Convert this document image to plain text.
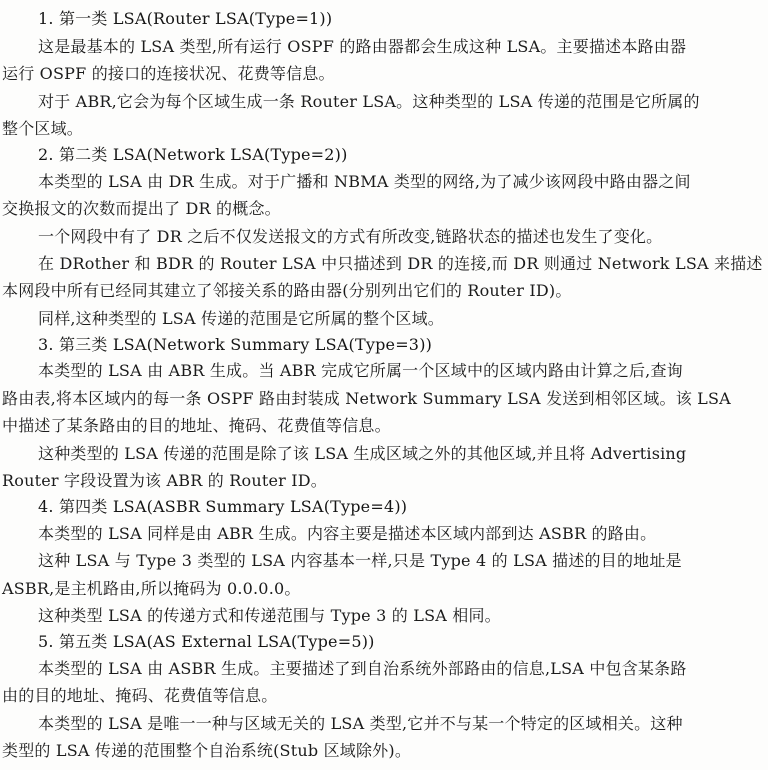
1. 第一类 LSA(Router LSA(Type=1))
这是最基本的 LSA 类型,所有运行 OSPF 的路由器都会生成这种 LSA。主要描述本路由器
运行 OSPF 的接口的连接状况、花费等信息。
对于 ABR,它会为每个区域生成一条 Router LSA。这种类型的 LSA 传递的范围是它所属的
整个区域。
2. 第二类 LSA(Network LSA(Type=2))
本类型的 LSA 由 DR 生成。对于广播和 NBMA 类型的网络,为了减少该网段中路由器之间
交换报文的次数而提出了 DR 的概念。
一个网段中有了 DR 之后不仅发送报文的方式有所改变,链路状态的描述也发生了变化。
在 DRother 和 BDR 的 Router LSA 中只描述到 DR 的连接,而 DR 则通过 Network LSA 来描述
本网段中所有已经同其建立了邻接关系的路由器(分别列出它们的 Router ID)。
同样,这种类型的 LSA 传递的范围是它所属的整个区域。
3. 第三类 LSA(Network Summary LSA(Type=3))
本类型的 LSA 由 ABR 生成。当 ABR 完成它所属一个区域中的区域内路由计算之后,查询
路由表,将本区域内的每一条 OSPF 路由封装成 Network Summary LSA 发送到相邻区域。该 LSA
中描述了某条路由的目的地址、掩码、花费值等信息。
这种类型的 LSA 传递的范围是除了该 LSA 生成区域之外的其他区域,并且将 Advertising
Router 字段设置为该 ABR 的 Router ID。
4. 第四类 LSA(ASBR Summary LSA(Type=4))
本类型的 LSA 同样是由 ABR 生成。内容主要是描述本区域内部到达 ASBR 的路由。
这种 LSA 与 Type 3 类型的 LSA 内容基本一样,只是 Type 4 的 LSA 描述的目的地址是
ASBR,是主机路由,所以掩码为 0.0.0.0。
这种类型 LSA 的传递方式和传递范围与 Type 3 的 LSA 相同。
5. 第五类 LSA(AS External LSA(Type=5))
本类型的 LSA 由 ASBR 生成。主要描述了到自治系统外部路由的信息,LSA 中包含某条路
由的目的地址、掩码、花费值等信息。
本类型的 LSA 是唯一一种与区域无关的 LSA 类型,它并不与某一个特定的区域相关。这种
类型的 LSA 传递的范围整个自治系统(Stub 区域除外)。
